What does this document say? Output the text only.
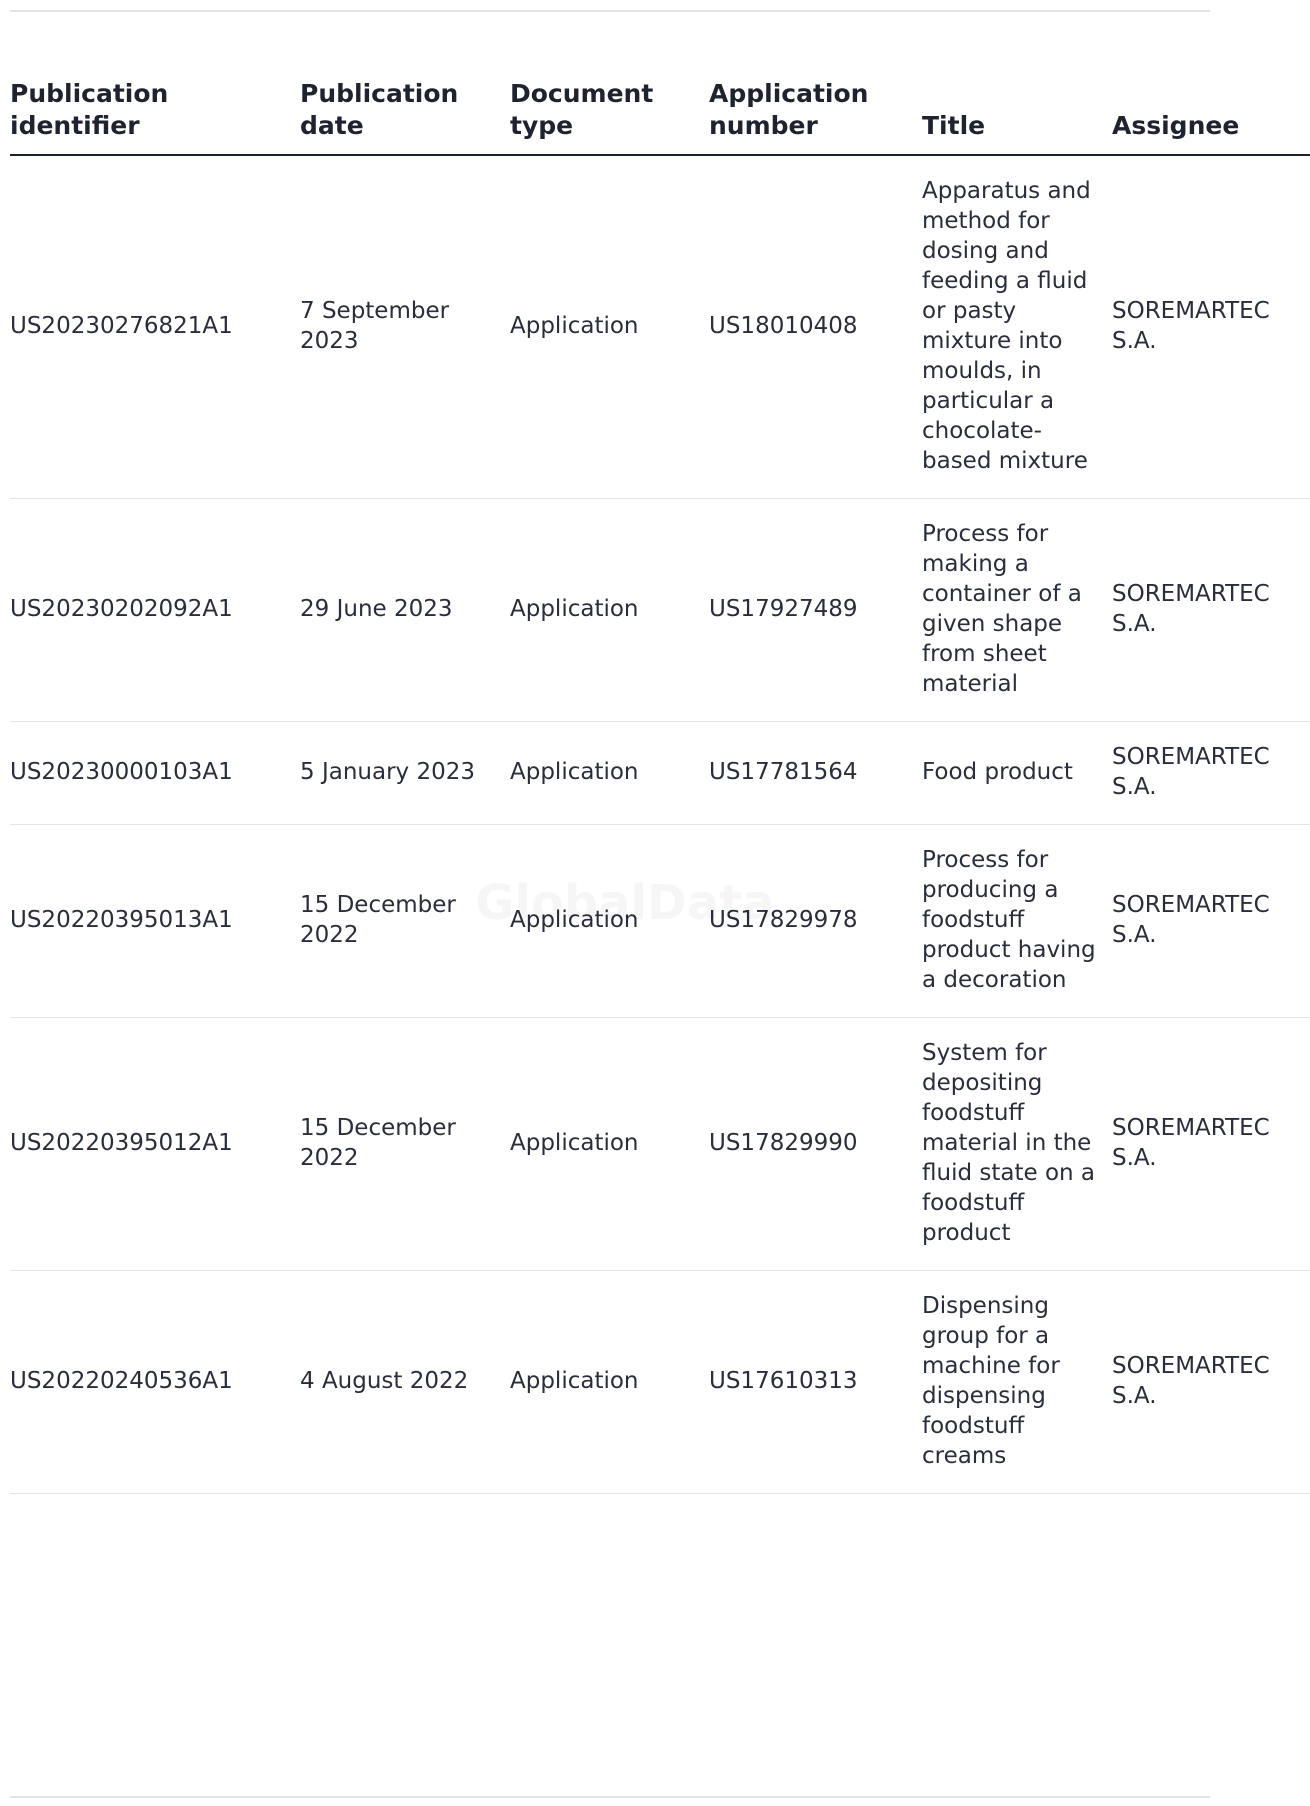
Publication identifier	Publication date	Document type	Application number	Title	Assignee
US20230276821A1	7 September 2023	Application	US18010408	Apparatus and method for dosing and feeding a fluid or pasty mixture into moulds, in particular a chocolate-based mixture	SOREMARTEC S.A.
US20230202092A1	29 June 2023	Application	US17927489	Process for making a container of a given shape from sheet material	SOREMARTEC S.A.
US20230000103A1	5 January 2023	Application	US17781564	Food product	SOREMARTEC S.A.
US20220395013A1	15 December 2022	Application	US17829978	Process for producing a foodstuff product having a decoration	SOREMARTEC S.A.
US20220395012A1	15 December 2022	Application	US17829990	System for depositing foodstuff material in the fluid state on a foodstuff product	SOREMARTEC S.A.
US20220240536A1	4 August 2022	Application	US17610313	Dispensing group for a machine for dispensing foodstuff creams	SOREMARTEC S.A.
